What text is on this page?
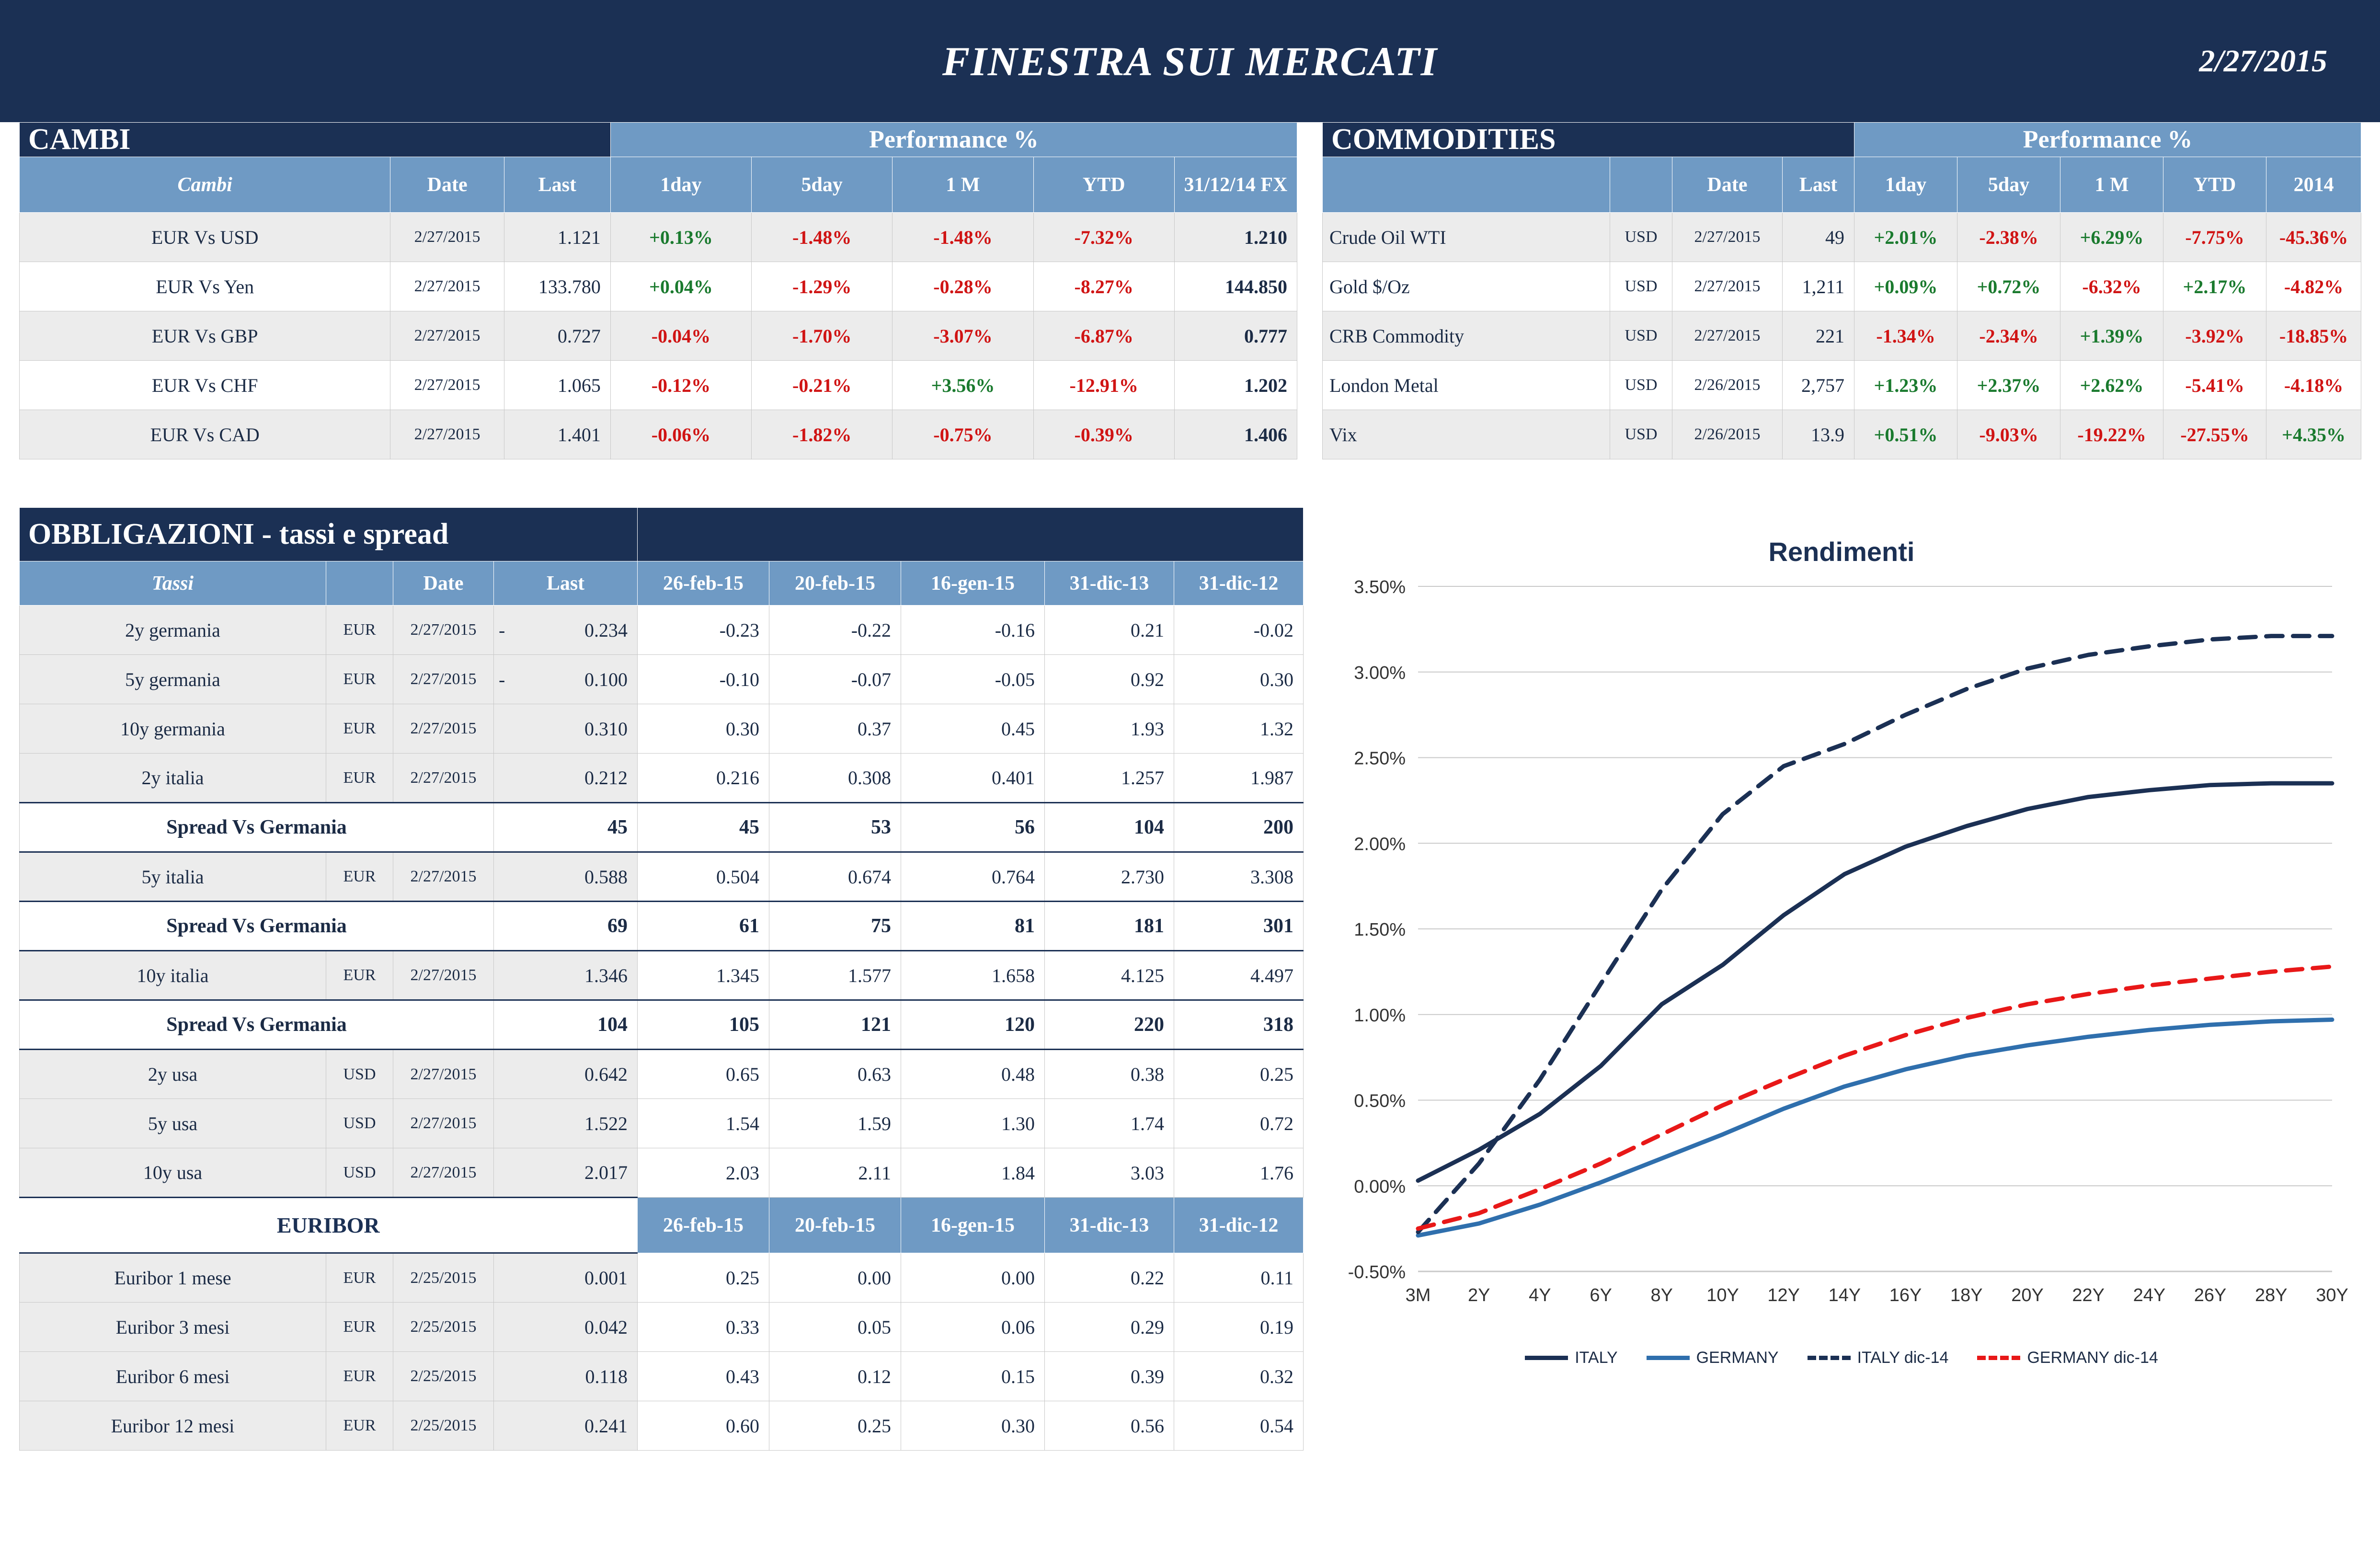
FINESTRA SUI MERCATI	2/27/2015
CAMBI			Performance %				
Cambi	Date	Last	1day	5day	1 M	YTD	31/12/14 FX
EUR Vs USD	2/27/2015	1.121	+0.13%	-1.48%	-1.48%	-7.32%	1.210
EUR Vs Yen	2/27/2015	133.780	+0.04%	-1.29%	-0.28%	-8.27%	144.850
EUR Vs GBP	2/27/2015	0.727	-0.04%	-1.70%	-3.07%	-6.87%	0.777
EUR Vs CHF	2/27/2015	1.065	-0.12%	-0.21%	+3.56%	-12.91%	1.202
EUR Vs CAD	2/27/2015	1.401	-0.06%	-1.82%	-0.75%	-0.39%	1.406
COMMODITIES				Performance %				
		Date	Last	1day	5day	1 M	YTD	2014
Crude Oil WTI	USD	2/27/2015	49	+2.01%	-2.38%	+6.29%	-7.75%	-45.36%
Gold $/Oz	USD	2/27/2015	1,211	+0.09%	+0.72%	-6.32%	+2.17%	-4.82%
CRB Commodity	USD	2/27/2015	221	-1.34%	-2.34%	+1.39%	-3.92%	-18.85%
London Metal	USD	2/26/2015	2,757	+1.23%	+2.37%	+2.62%	-5.41%	-4.18%
Vix	USD	2/26/2015	13.9	+0.51%	-9.03%	-19.22%	-27.55%	+4.35%
OBBLIGAZIONI - tassi e spread								
Tassi		Date	Last	26-feb-15	20-feb-15	16-gen-15	31-dic-13	31-dic-12
2y germania	EUR	2/27/2015	- 0.234	-0.23	-0.22	-0.16	0.21	-0.02
5y germania	EUR	2/27/2015	- 0.100	-0.10	-0.07	-0.05	0.92	0.30
10y germania	EUR	2/27/2015	0.310	0.30	0.37	0.45	1.93	1.32
2y italia	EUR	2/27/2015	0.212	0.216	0.308	0.401	1.257	1.987
Spread Vs Germania			45	45	53	56	104	200
5y italia	EUR	2/27/2015	0.588	0.504	0.674	0.764	2.730	3.308
Spread Vs Germania			69	61	75	81	181	301
10y italia	EUR	2/27/2015	1.346	1.345	1.577	1.658	4.125	4.497
Spread Vs Germania			104	105	121	120	220	318
2y usa	USD	2/27/2015	0.642	0.65	0.63	0.48	0.38	0.25
5y usa	USD	2/27/2015	1.522	1.54	1.59	1.30	1.74	0.72
10y usa	USD	2/27/2015	2.017	2.03	2.11	1.84	3.03	1.76
EURIBOR				26-feb-15	20-feb-15	16-gen-15	31-dic-13	31-dic-12
Euribor 1 mese	EUR	2/25/2015	0.001	0.25	0.00	0.00	0.22	0.11
Euribor 3 mesi	EUR	2/25/2015	0.042	0.33	0.05	0.06	0.29	0.19
Euribor 6 mesi	EUR	2/25/2015	0.118	0.43	0.12	0.15	0.39	0.32
Euribor 12 mesi	EUR	2/25/2015	0.241	0.60	0.25	0.30	0.56	0.54
Rendimenti
-0.50%
0.00%
0.50%
1.00%
1.50%
2.00%
2.50%
3.00%
3.50%
3M 2Y 4Y 6Y 8Y 10Y 12Y 14Y 16Y 18Y 20Y 22Y 24Y 26Y 28Y 30Y
ITALY	GERMANY	ITALY dic-14	GERMANY dic-14
